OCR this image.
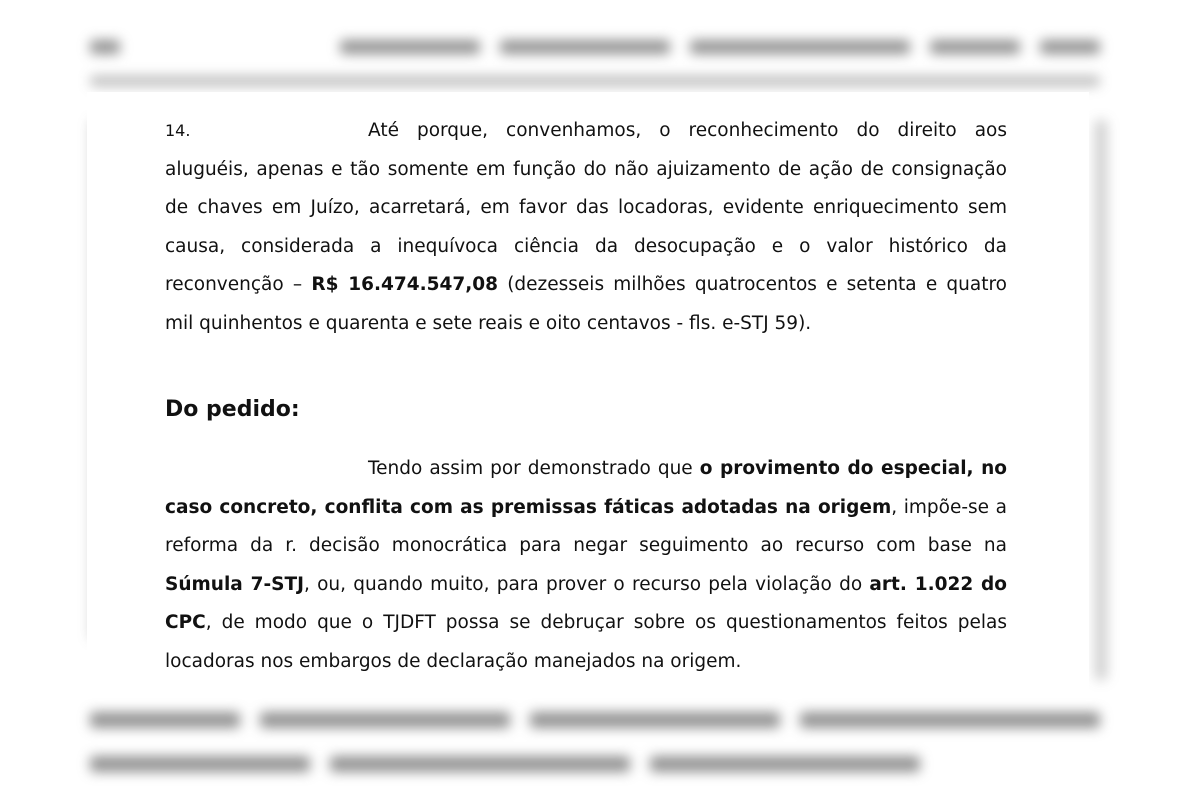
14.	Até porque, convenhamos, o reconhecimento do direito aos aluguéis, apenas e tão somente em função do não ajuizamento de ação de consignação de chaves em Juízo, acarretará, em favor das locadoras, evidente enriquecimento sem causa, considerada a inequívoca ciência da desocupação e o valor histórico da reconvenção – R$ 16.474.547,08 (dezesseis milhões quatrocentos e setenta e quatro mil quinhentos e quarenta e sete reais e oito centavos - fls. e-STJ 59).

Do pedido:

Tendo assim por demonstrado que o provimento do especial, no caso concreto, conflita com as premissas fáticas adotadas na origem, impõe-se a reforma da r. decisão monocrática para negar seguimento ao recurso com base na Súmula 7-STJ, ou, quando muito, para prover o recurso pela violação do art. 1.022 do CPC, de modo que o TJDFT possa se debruçar sobre os questionamentos feitos pelas locadoras nos embargos de declaração manejados na origem.
